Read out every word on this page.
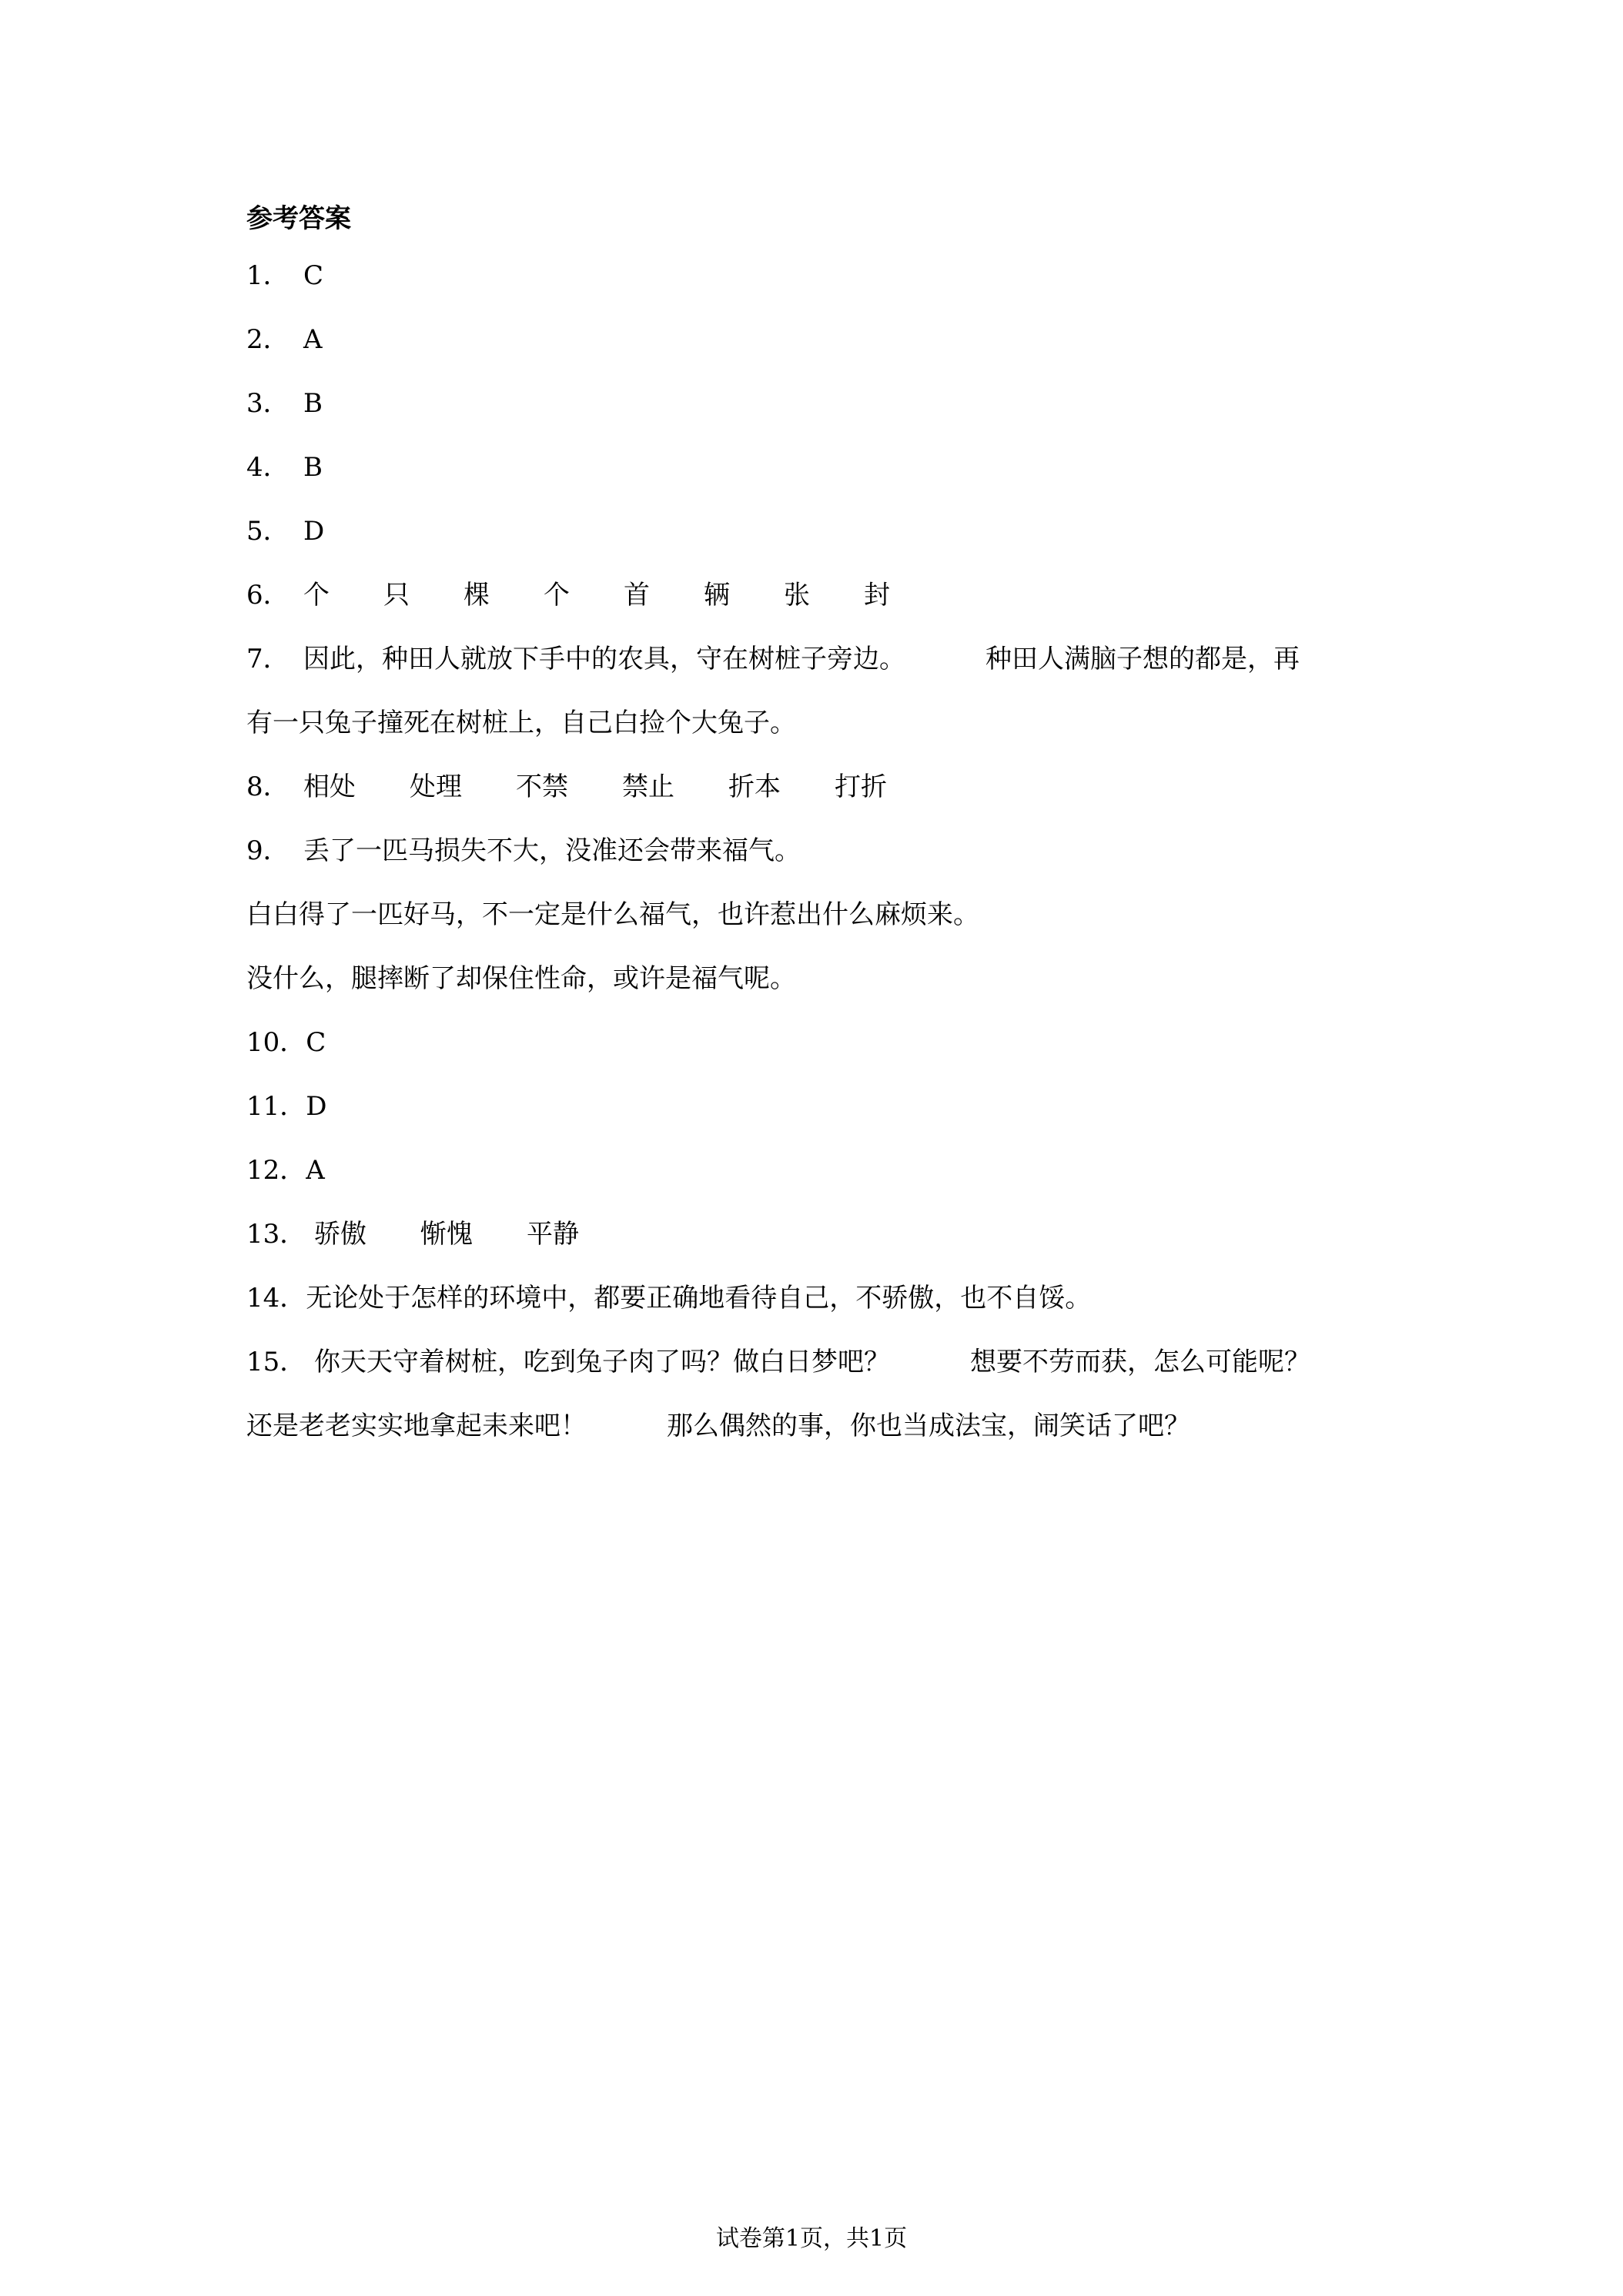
参考答案
1． C
2． A
3． B
4． B
5． D
6． 个 只 棵 个 首 辆 张 封
7． 因此，种田人就放下手中的农具，守在树桩子旁边。	种田人满脑子想的都是，再
有一只兔子撞死在树桩上，自己白捡个大兔子。
8． 相处 处理 不禁 禁止 折本 打折
9． 丢了一匹马损失不大，没准还会带来福气。
白白得了一匹好马，不一定是什么福气，也许惹出什么麻烦来。
没什么，腿摔断了却保住性命，或许是福气呢。
10．C
11．D
12．A
13． 骄傲 惭愧 平静
14．无论处于怎样的环境中，都要正确地看待自己，不骄傲，也不自馁。
15． 你天天守着树桩，吃到兔子肉了吗？做白日梦吧？	想要不劳而获，怎么可能呢？
还是老老实实地拿起耒来吧！	那么偶然的事，你也当成法宝，闹笑话了吧？
试卷第1页，共1页
